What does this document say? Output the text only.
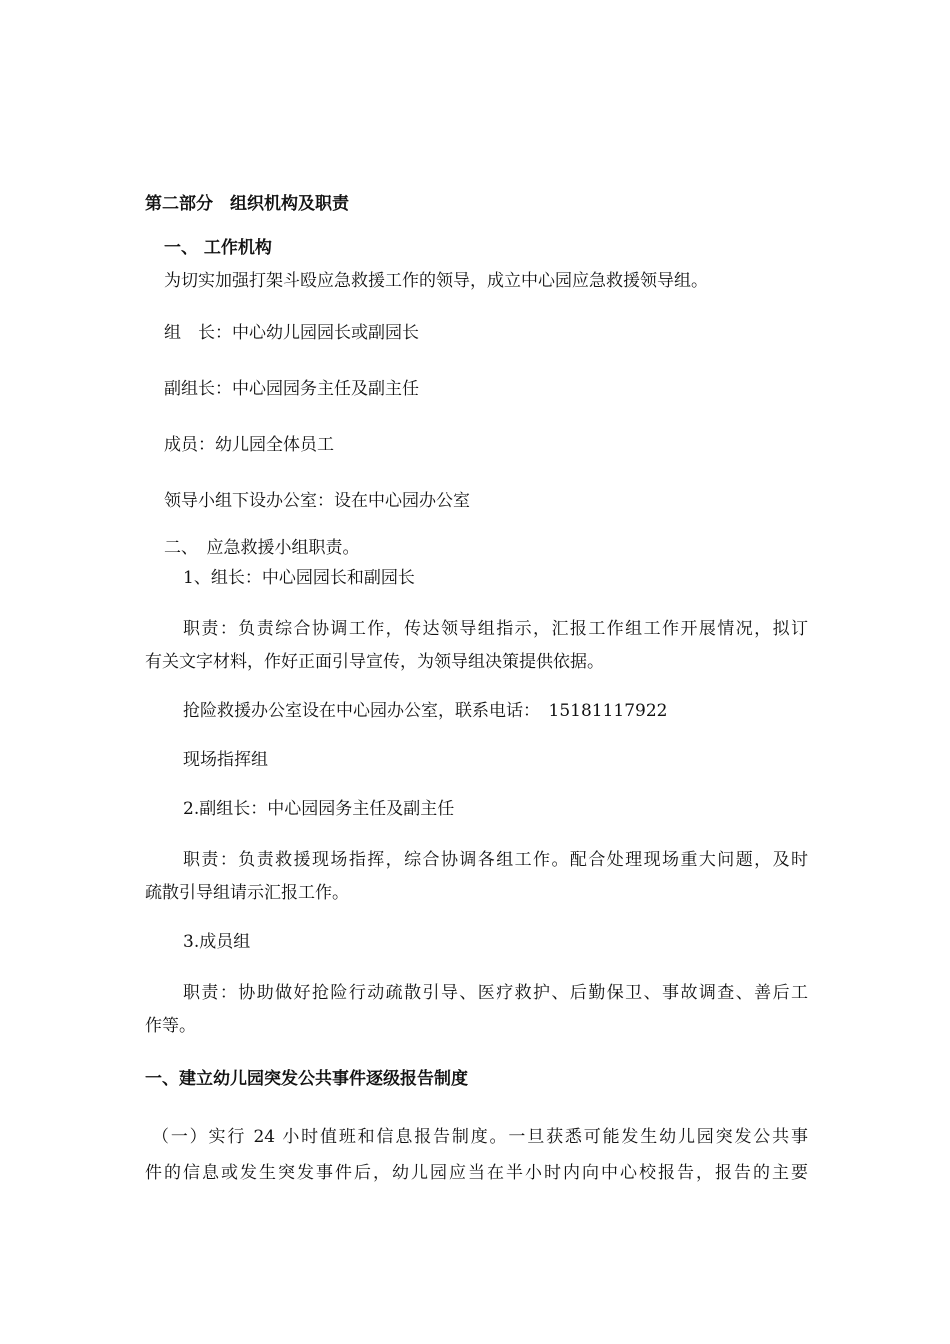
第二部分　组织机构及职责
一、 工作机构
为切实加强打架斗殴应急救援工作的领导，成立中心园应急救援领导组。
组　长：中心幼儿园园长或副园长
副组长：中心园园务主任及副主任
成员：幼儿园全体员工
领导小组下设办公室：设在中心园办公室
二、　应急救援小组职责。
1、组长：中心园园长和副园长
职责：负责综合协调工作，传达领导组指示，汇报工作组工作开展情况，拟订
有关文字材料，作好正面引导宣传，为领导组决策提供依据。
抢险救援办公室设在中心园办公室，联系电话：　15181117922
现场指挥组
2.副组长：中心园园务主任及副主任
职责：负责救援现场指挥，综合协调各组工作。配合处理现场重大问题，及时
疏散引导组请示汇报工作。
3.成员组
职责：协助做好抢险行动疏散引导、医疗救护、后勤保卫、事故调查、善后工
作等。
一、建立幼儿园突发公共事件逐级报告制度
（一）实行 24 小时值班和信息报告制度。一旦获悉可能发生幼儿园突发公共事
件的信息或发生突发事件后，幼儿园应当在半小时内向中心校报告，报告的主要
